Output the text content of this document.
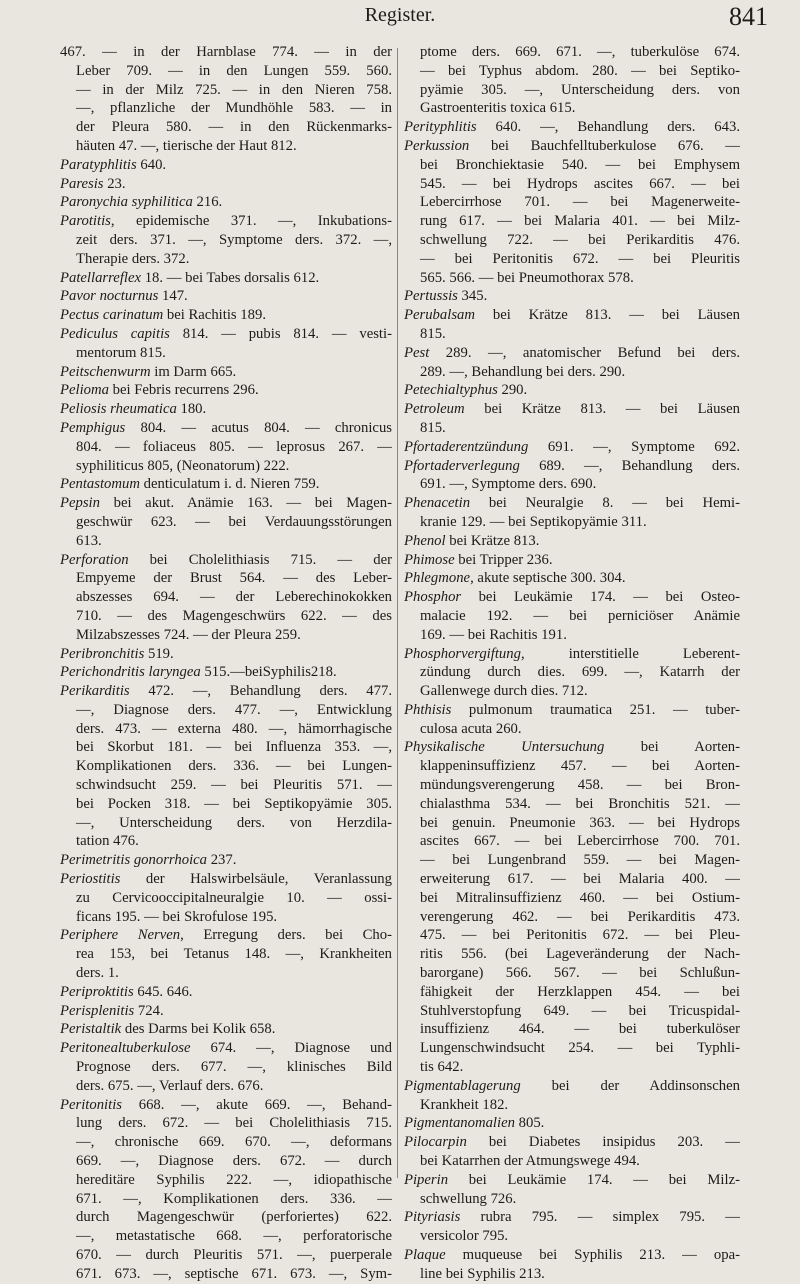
Register.	841
467. — in der Harnblase 774. — in der
Leber 709. — in den Lungen 559. 560.
— in der Milz 725. — in den Nieren 758.
—, pflanzliche der Mundhöhle 583. — in
der Pleura 580. — in den Rückenmarks-
häuten 47. —, tierische der Haut 812.
Paratyphlitis 640.
Paresis 23.
Paronychia syphilitica 216.
Parotitis, epidemische 371. —, Inkubations-
zeit ders. 371. —, Symptome ders. 372. —,
Therapie ders. 372.
Patellarreflex 18. — bei Tabes dorsalis 612.
Pavor nocturnus 147.
Pectus carinatum bei Rachitis 189.
Pediculus capitis 814. — pubis 814. — vesti-
mentorum 815.
Peitschenwurm im Darm 665.
Pelioma bei Febris recurrens 296.
Peliosis rheumatica 180.
Pemphigus 804. — acutus 804. — chronicus
804. — foliaceus 805. — leprosus 267. —
syphiliticus 805, (Neonatorum) 222.
Pentastomum denticulatum i. d. Nieren 759.
Pepsin bei akut. Anämie 163. — bei Magen-
geschwür 623. — bei Verdauungsstörungen
613.
Perforation bei Cholelithiasis 715. — der
Empyeme der Brust 564. — des Leber-
abszesses 694. — der Leberechinokokken
710. — des Magengeschwürs 622. — des
Milzabszesses 724. — der Pleura 259.
Peribronchitis 519.
Perichondritis laryngea 515.—beiSyphilis218.
Perikarditis 472. —, Behandlung ders. 477.
—, Diagnose ders. 477. —, Entwicklung
ders. 473. — externa 480. —, hämorrhagische
bei Skorbut 181. — bei Influenza 353. —,
Komplikationen ders. 336. — bei Lungen-
schwindsucht 259. — bei Pleuritis 571. —
bei Pocken 318. — bei Septikopyämie 305.
—, Unterscheidung ders. von Herzdila-
tation 476.
Perimetritis gonorrhoica 237.
Periostitis der Halswirbelsäule, Veranlassung
zu Cervicooccipitalneuralgie 10. — ossi-
ficans 195. — bei Skrofulose 195.
Periphere Nerven, Erregung ders. bei Cho-
rea 153, bei Tetanus 148. —, Krankheiten
ders. 1.
Periproktitis 645. 646.
Perisplenitis 724.
Peristaltik des Darms bei Kolik 658.
Peritonealtuberkulose 674. —, Diagnose und
Prognose ders. 677. —, klinisches Bild
ders. 675. —, Verlauf ders. 676.
Peritonitis 668. —, akute 669. —, Behand-
lung ders. 672. — bei Cholelithiasis 715.
—, chronische 669. 670. —, deformans
669. —, Diagnose ders. 672. — durch
hereditäre Syphilis 222. —, idiopathische
671. —, Komplikationen ders. 336. —
durch Magengeschwür (perforiertes) 622.
—, metastatische 668. —, perforatorische
670. — durch Pleuritis 571. —, puerperale
671. 673. —, septische 671. 673. —, Sym-
ptome ders. 669. 671. —, tuberkulöse 674.
— bei Typhus abdom. 280. — bei Septiko-
pyämie 305. —, Unterscheidung ders. von
Gastroenteritis toxica 615.
Perityphlitis 640. —, Behandlung ders. 643.
Perkussion bei Bauchfelltuberkulose 676. —
bei Bronchiektasie 540. — bei Emphysem
545. — bei Hydrops ascites 667. — bei
Lebercirrhose 701. — bei Magenerweite-
rung 617. — bei Malaria 401. — bei Milz-
schwellung 722. — bei Perikarditis 476.
— bei Peritonitis 672. — bei Pleuritis
565. 566. — bei Pneumothorax 578.
Pertussis 345.
Perubalsam bei Krätze 813. — bei Läusen
815.
Pest 289. —, anatomischer Befund bei ders.
289. —, Behandlung bei ders. 290.
Petechialtyphus 290.
Petroleum bei Krätze 813. — bei Läusen
815.
Pfortaderentzündung 691. —, Symptome 692.
Pfortaderverlegung 689. —, Behandlung ders.
691. —, Symptome ders. 690.
Phenacetin bei Neuralgie 8. — bei Hemi-
kranie 129. — bei Septikopyämie 311.
Phenol bei Krätze 813.
Phimose bei Tripper 236.
Phlegmone, akute septische 300. 304.
Phosphor bei Leukämie 174. — bei Osteo-
malacie 192. — bei perniciöser Anämie
169. — bei Rachitis 191.
Phosphorvergiftung, interstitielle Leberent-
zündung durch dies. 699. —, Katarrh der
Gallenwege durch dies. 712.
Phthisis pulmonum traumatica 251. — tuber-
culosa acuta 260.
Physikalische Untersuchung bei Aorten-
klappeninsuffizienz 457. — bei Aorten-
mündungsverengerung 458. — bei Bron-
chialasthma 534. — bei Bronchitis 521. —
bei genuin. Pneumonie 363. — bei Hydrops
ascites 667. — bei Lebercirrhose 700. 701.
— bei Lungenbrand 559. — bei Magen-
erweiterung 617. — bei Malaria 400. —
bei Mitralinsuffizienz 460. — bei Ostium-
verengerung 462. — bei Perikarditis 473.
475. — bei Peritonitis 672. — bei Pleu-
ritis 556. (bei Lageveränderung der Nach-
barorgane) 566. 567. — bei Schlußun-
fähigkeit der Herzklappen 454. — bei
Stuhlverstopfung 649. — bei Tricuspidal-
insuffizienz 464. — bei tuberkulöser
Lungenschwindsucht 254. — bei Typhli-
tis 642.
Pigmentablagerung bei der Addinsonschen
Krankheit 182.
Pigmentanomalien 805.
Pilocarpin bei Diabetes insipidus 203. —
bei Katarrhen der Atmungswege 494.
Piperin bei Leukämie 174. — bei Milz-
schwellung 726.
Pityriasis rubra 795. — simplex 795. —
versicolor 795.
Plaque muqueuse bei Syphilis 213. — opa-
line bei Syphilis 213.
